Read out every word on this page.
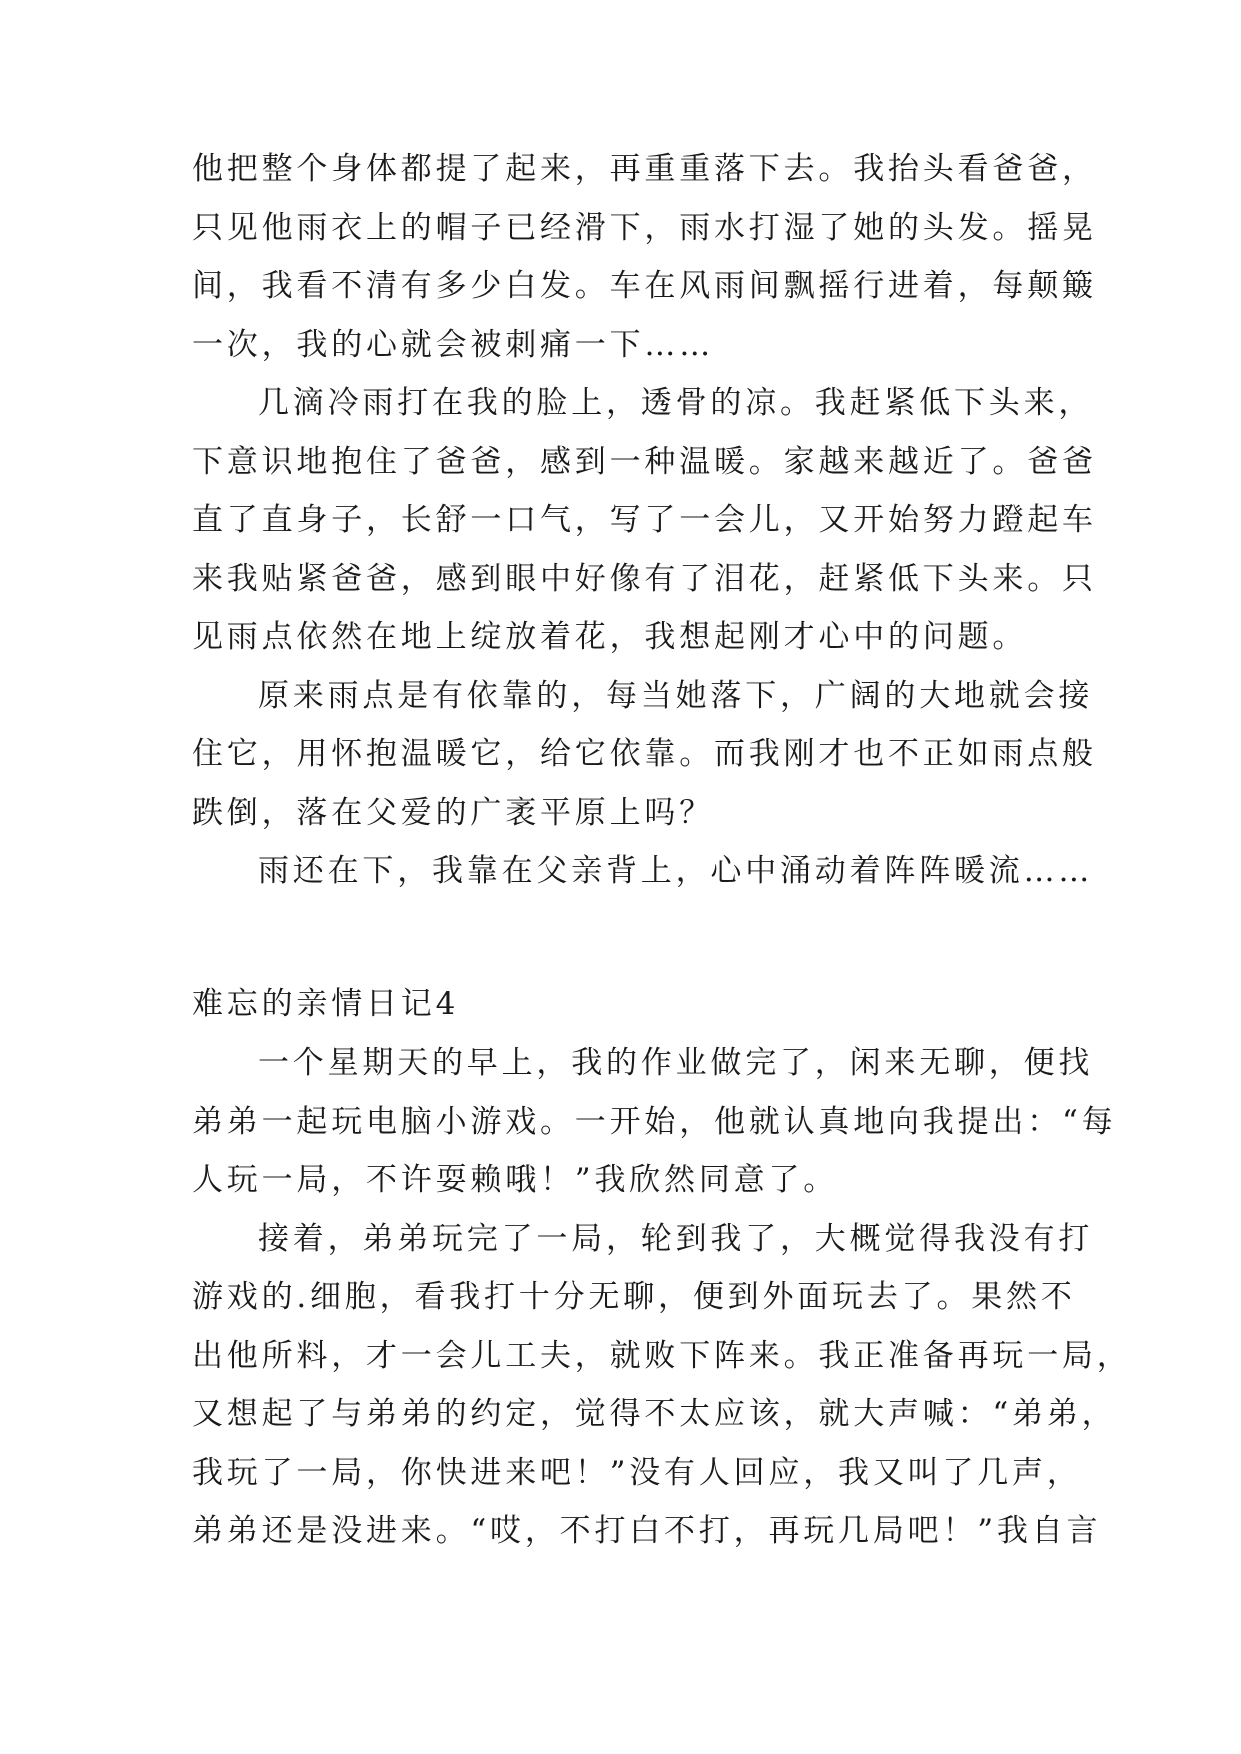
他把整个身体都提了起来，再重重落下去。我抬头看爸爸，
只见他雨衣上的帽子已经滑下，雨水打湿了她的头发。摇晃
间，我看不清有多少白发。车在风雨间飘摇行进着，每颠簸
一次，我的心就会被刺痛一下……
几滴冷雨打在我的脸上，透骨的凉。我赶紧低下头来，
下意识地抱住了爸爸，感到一种温暖。家越来越近了。爸爸
直了直身子，长舒一口气，写了一会儿，又开始努力蹬起车
来我贴紧爸爸，感到眼中好像有了泪花，赶紧低下头来。只
见雨点依然在地上绽放着花，我想起刚才心中的问题。
原来雨点是有依靠的，每当她落下，广阔的大地就会接
住它，用怀抱温暖它，给它依靠。而我刚才也不正如雨点般
跌倒，落在父爱的广袤平原上吗？
雨还在下，我靠在父亲背上，心中涌动着阵阵暖流……
难忘的亲情日记4
一个星期天的早上，我的作业做完了，闲来无聊，便找
弟弟一起玩电脑小游戏。一开始，他就认真地向我提出：“每
人玩一局，不许耍赖哦！”我欣然同意了。
接着，弟弟玩完了一局，轮到我了，大概觉得我没有打
游戏的.细胞，看我打十分无聊，便到外面玩去了。果然不
出他所料，才一会儿工夫，就败下阵来。我正准备再玩一局，
又想起了与弟弟的约定，觉得不太应该，就大声喊：“弟弟，
我玩了一局，你快进来吧！”没有人回应，我又叫了几声，
弟弟还是没进来。“哎，不打白不打，再玩几局吧！”我自言
